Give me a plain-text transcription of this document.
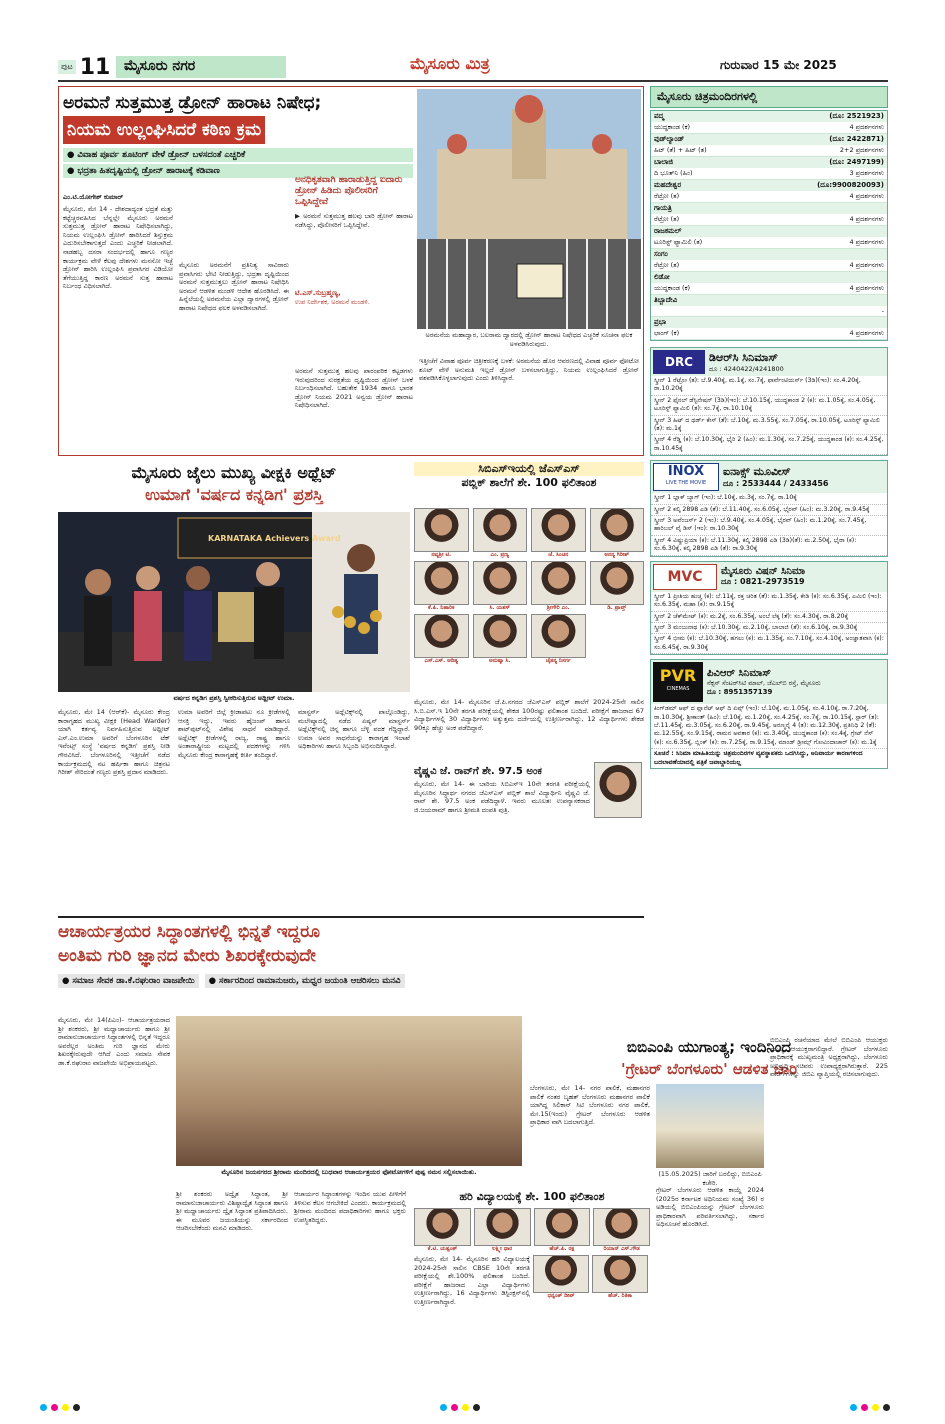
ಪುಟ 11 ಮೈಸೂರು ನಗರ	ಮೈಸೂರು ಮಿತ್ರ	ಗುರುವಾರ 15 ಮೇ 2025
ಅರಮನೆ ಸುತ್ತಮುತ್ತ ಡ್ರೋನ್ ಹಾರಾಟ ನಿಷೇಧ;
ನಿಯಮ ಉಲ್ಲಂಘಿಸಿದರೆ ಕಠಿಣ ಕ್ರಮ
● ವಿವಾಹ ಪೂರ್ವ ಶೂಟಿಂಗ್ ವೇಳೆ ಡ್ರೋನ್ ಬಳಸದಂತೆ ಎಚ್ಚರಿಕೆ
● ಭದ್ರತಾ ಹಿತದೃಷ್ಟಿಯಲ್ಲಿ ಡ್ರೋನ್ ಹಾರಾಟಕ್ಕೆ ಕಡಿವಾಣ
ಅರಮನೆಯ ಮಹಾದ್ವಾರ, ಬಲರಾಮ ದ್ವಾರದಲ್ಲಿ ಡ್ರೋನ್ ಹಾರಾಟ ನಿಷೇಧದ ಎಚ್ಚರಿಕೆ ಸೂಚನಾ ಫಲಕ ಅಳವಡಿಸಿರುವುದು.
ಎಂ.ಟಿ.ಯೋಗೇಶ್ ಕುಮಾರ್
ಮೈಸೂರು, ಮೇ 14 - ದೇಶದಾದ್ಯಂತ ಭದ್ರತೆ ಮತ್ತು ಕಟ್ಟೆಚ್ಚರವಹಿಸಿದ ಬೆನ್ನಲ್ಲೇ ಮೈಸೂರು ಅರಮನೆ ಸುತ್ತಮುತ್ತ ಡ್ರೋನ್ ಹಾರಾಟ ನಿಷೇಧಿಸಲಾಗಿದ್ದು, ನಿಯಮ ಉಲ್ಲಂಘಿಸಿ ಡ್ರೋನ್ ಹಾರಿಸಿದರೆ ಶಿಸ್ತುಕ್ರಮ ಎದುರಿಸಬೇಕಾಗುತ್ತದೆ ಎಂದು ಎಚ್ಚರಿಕೆ ನೀಡಲಾಗಿದೆ. ನಾಡಹಬ್ಬ ದಸರಾ ಸಂದರ್ಭದಲ್ಲಿ ಹಾಗೂ ಗಣ್ಯರ ಕಾರ್ಯಕ್ರಮ ವೇಳೆ ಕೆಲವು ದೇಶಗಳು ಮನಸೋ ಇಚ್ಛೆ ಡ್ರೋನ್ ಹಾರಿಸಿ ಉಲ್ಲಂಘಿಸಿ ಪ್ರವಾಸಿಗರ ವಿಡಿಯೋ ತೆಗೆಯುತ್ತಿದ್ದ ಕಾರಣ ಅರಮನೆ ಸುತ್ತ ಹಾರಾಟ ನಿರ್ಬಂಧ ವಿಧಿಸಲಾಗಿದೆ.
ಮೈಸೂರು ಅರಮನೆಗೆ ಪ್ರತಿನಿತ್ಯ ಸಾವಿರಾರು ಪ್ರವಾಸಿಗರು ಭೇಟಿ ನೀಡುತ್ತಿದ್ದು, ಭದ್ರತಾ ದೃಷ್ಟಿಯಿಂದ ಅರಮನೆ ಸುತ್ತಮುತ್ತಲು ಡ್ರೋನ್ ಹಾರಾಟ ನಿಷೇಧಿಸಿ ಅರಮನೆ ಆಡಳಿತ ಮಂಡಳಿ ಆದೇಶ ಹೊರಡಿಸಿದೆ. ಈ ಹಿನ್ನೆಲೆಯಲ್ಲಿ ಅರಮನೆಯ ಎಲ್ಲಾ ದ್ವಾರಗಳಲ್ಲಿ ಡ್ರೋನ್ ಹಾರಾಟ ನಿಷೇಧದ ಫಲಕ ಅಳವಡಿಸಲಾಗಿದೆ.
ಅನಧಿಕೃತವಾಗಿ ಹಾರಾಡುತ್ತಿದ್ದ ಐದಾರು ಡ್ರೋನ್ ಹಿಡಿದು ಪೊಲೀಸರಿಗೆ ಒಪ್ಪಿಸಿದ್ದೇವೆ
▶ ಅರಮನೆ ಸುತ್ತಮುತ್ತ ಹಲವು ಬಾರಿ ಡ್ರೋನ್ ಹಾರಾಟ ನಡೆಸಿದ್ದು, ಪೊಲೀಸರಿಗೆ ಒಪ್ಪಿಸಿದ್ದೇವೆ.
ಟಿ.ಎಸ್.ಸುಬ್ರಹ್ಮಣ್ಯ,
ಉಪ ನಿರ್ದೇಶಕ, ಅರಮನೆ ಮಂಡಳಿ.
ಅರಮನೆ ಸುತ್ತಮುತ್ತ ಹಲವು ಪಾರಂಪರಿಕ ಕಟ್ಟಡಗಳು ಇರುವುದರಿಂದ ಸುರಕ್ಷತೆಯ ದೃಷ್ಟಿಯಿಂದ ಡ್ರೋನ್ ಬಳಕೆ ನಿರ್ಬಂಧಿಸಲಾಗಿದೆ. ಬಹುತೇಕ 1934 ಹಾಗೂ ಭಾರತ ಡ್ರೋನ್ ನಿಯಮ 2021 ಅನ್ವಯ ಡ್ರೋನ್ ಹಾರಾಟ ನಿಷೇಧಿಸಲಾಗಿದೆ.
ಇತ್ತೀಚೆಗೆ ವಿವಾಹ ಪೂರ್ವ ಚಿತ್ರೀಕರಣಕ್ಕೆ ಬಳಕೆ: ಅರಮನೆಯ ಹೊರ ಆವರಣದಲ್ಲಿ ವಿವಾಹ ಪೂರ್ವ ಫೋಟೋ ಶೂಟ್ ವೇಳೆ ಅನುಮತಿ ಇಲ್ಲದೆ ಡ್ರೋನ್ ಬಳಸಲಾಗುತ್ತಿದ್ದು, ನಿಯಮ ಉಲ್ಲಂಘಿಸಿದರೆ ಡ್ರೋನ್ ವಶಪಡಿಸಿಕೊಳ್ಳಲಾಗುವುದು ಎಂದು ತಿಳಿಸಿದ್ದಾರೆ.
ಮೈಸೂರು ಚಿತ್ರಮಂದಿರಗಳಲ್ಲಿ
ಪದ್ಮ	(ದೂ: 2521923)
ಯುದ್ಧಕಾಂಡ (ಕ)	4 ಪ್ರದರ್ಶನಗಳು
ವುಡ್‌ಲ್ಯಾಂಡ್	(ದೂ: 2422871)
ಹಿಟ್ (ತೆ) + ಹಿಟ್ (ತ)	2+2 ಪ್ರದರ್ಶನಗಳು
ಬಾಲಾಜಿ	(ದೂ: 2497199)
ದಿ ಭೂತ್‌ನಿ (ಹಿಂ)	3 ಪ್ರದರ್ಶನಗಳು
ಮಹದೇಶ್ವರ	(ದೂ:9900820093)
ರೆಟ್ರೋ (ತ)	4 ಪ್ರದರ್ಶನಗಳು
ಗಾಯತ್ರಿ
ರೆಟ್ರೋ (ತ)	4 ಪ್ರದರ್ಶನಗಳು
ರಾಜಕಮಲ್
ಟೂರಿಸ್ಟ್ ಫ್ಯಾಮಿಲಿ (ತ)	4 ಪ್ರದರ್ಶನಗಳು
ಸಂಗಂ
ರೆಟ್ರೋ (ತ)	4 ಪ್ರದರ್ಶನಗಳು
ಲಿಡೋ
ಯುದ್ಧಕಾಂಡ (ಕ)	4 ಪ್ರದರ್ಶನಗಳು
ತಿಬ್ಬಾದೇವಿ
-
ಪ್ರಭಾ
ಛಾಂಗ್ (ಕ)	4 ಪ್ರದರ್ಶನಗಳು
DRC	ಡಿಆರ್‌ಸಿ ಸಿನಿಮಾಸ್
ದೂ : 4240422/4241800
ಸ್ಕ್ರೀನ್ 1 ರೆಟ್ರೋ (ತ): ಬೆ.9.40ಕ್ಕೆ, ಮ.1ಕ್ಕೆ, ಸಂ.7ಕ್ಕೆ, ಫಾರ್ವೆಂಟಿಯರ್ಸ್ (3ಡಿ)(ಇಂ): ಸಂ.4.20ಕ್ಕೆ, ರಾ.10.20ಕ್ಕೆ
ಸ್ಕ್ರೀನ್ 2 ಫೈನಲ್ ಡೆಸ್ಟಿನೇಷನ್ (3ಡಿ)(ಇಂ): ಬೆ.10.15ಕ್ಕೆ, ಯುದ್ಧಕಾಂಡ 2 (ಕ): ಮ.1.05ಕ್ಕೆ, ಸಂ.4.05ಕ್ಕೆ, ಟೂರಿಸ್ಟ್ ಫ್ಯಾಮಿಲಿ (ತ): ಸಂ.7ಕ್ಕೆ, ರಾ.10.10ಕ್ಕೆ
ಸ್ಕ್ರೀನ್ 3 ಹಿಟ್ ದ ಥರ್ಡ್ ಕೇಸ್ (ತೆ): ಬೆ.10ಕ್ಕೆ, ಮ.3.55ಕ್ಕೆ, ಸಂ.7.05ಕ್ಕೆ, ರಾ.10.05ಕ್ಕೆ, ಟೂರಿಸ್ಟ್ ಫ್ಯಾಮಿಲಿ (ತ): ಮ.1ಕ್ಕೆ
ಸ್ಕ್ರೀನ್ 4 ರೆಡ್ಡಿ (ಕ): ಬೆ.10.30ಕ್ಕೆ, ಭೈರಿ 2 (ಹಿಂ): ಮ.1.30ಕ್ಕೆ, ಸಂ.7.25ಕ್ಕೆ, ಯುದ್ಧಕಾಂಡ (ಕ): ಸಂ.4.25ಕ್ಕೆ, ರಾ.10.45ಕ್ಕೆ
INOX
LIVE THE MOVIE
ಐನಾಕ್ಸ್ ಮೂವೀಸ್
ದೂ : 2533444 / 2433456
ಸ್ಕ್ರೀನ್ 1 ಬ್ಲಾಕ್ ಬ್ಯಾಗ್ (ಇಂ): ಬೆ.10ಕ್ಕೆ, ಮ.3ಕ್ಕೆ, ಸಂ.7ಕ್ಕೆ, ರಾ.10ಕ್ಕೆ
ಸ್ಕ್ರೀನ್ 2 ಕಲ್ಕಿ 2898 ಎಡಿ (ತೆ): ಬೆ.11.40ಕ್ಕೆ, ಸಂ.6.05ಕ್ಕೆ, ಭೈರವ್ (ಹಿಂ): ಮ.3.20ಕ್ಕೆ, ರಾ.9.45ಕ್ಕೆ
ಸ್ಕ್ರೀನ್ 3 ಅವೆಂಜರ್ಸ್ 2 (ಇಂ): ಬೆ.9.40ಕ್ಕೆ, ಸಂ.4.05ಕ್ಕೆ, ಭೈರವ್ (ಹಿಂ): ಮ.1.20ಕ್ಕೆ, ಸಂ.7.45ಕ್ಕೆ, ಹಾರಿಬಲ್ ವೈ ಡಿಸ್ (ಇಂ): ರಾ.10.30ಕ್ಕೆ
ಸ್ಕ್ರೀನ್ 4 ವಿಷ್ಣುಪ್ರಿಯಾ (ಕ): ಬೆ.11.30ಕ್ಕೆ, ಕಲ್ಕಿ 2898 ಎಡಿ (3ಡಿ)(ತೆ): ಮ.2.50ಕ್ಕೆ, ಭೈರಾ (ಕ): ಸಂ.6.30ಕ್ಕೆ, ಕಲ್ಕಿ 2898 ಎಡಿ (ತೆ): ರಾ.9.30ಕ್ಕೆ
MVC	ಮೈಸೂರು ವಿಷನ್ ಸಿನಿಮಾ
ದೂ : 0821-2973519
ಸ್ಕ್ರೀನ್ 1 ಪ್ರೀತಿಯ ಹುಚ್ಚ (ಕ): ಬೆ.11ಕ್ಕೆ, ರಕ್ತ ಚರಿತ (ತೆ): ಮ.1.35ಕ್ಕೆ, ಕೇಡಿ (ಕ): ಸಂ.6.35ಕ್ಕೆ, ಎಮಿಲಿ (ಇಂ): ಸಂ.6.35ಕ್ಕೆ, ಮಹಾ (ಕ): ರಾ.9.15ಕ್ಕೆ
ಸ್ಕ್ರೀನ್ 2 ಚೆಕ್‌ಮೇಟ್ (ಕ): ಮ.2ಕ್ಕೆ, ಸಂ.6.35ಕ್ಕೆ, ಅಂಬೆ ಲೆಕ್ಕ (ತೆ): ಸಂ.4.30ಕ್ಕೆ, ರಾ.8.20ಕ್ಕೆ
ಸ್ಕ್ರೀನ್ 3 ಮಂಜುನಾಥ (ಕ): ಬೆ.10.30ಕ್ಕೆ, ಮ.2.10ಕ್ಕೆ, ಬಾಲಾಜಿ (ತೆ): ಸಂ.6.10ಕ್ಕೆ, ರಾ.9.30ಕ್ಕೆ
ಸ್ಕ್ರೀನ್ 4 ಭೀಮ (ಕ): ಬೆ.10.30ಕ್ಕೆ, ಹಗಲು (ಕ): ಮ.1.35ಕ್ಕೆ, ಸಂ.7.10ಕ್ಕೆ, ಸಂ.4.10ಕ್ಕೆ, ಅಂಜ್ಞಾತವಾಸಿ (ಕ): ಸಂ.6.45ಕ್ಕೆ, ರಾ.9.30ಕ್ಕೆ
PVR
CINEMAS
ಪಿವಿಆರ್ ಸಿನಿಮಾಸ್
ನೆಕ್ಸಸ್ ಸೆಂಟರ್‌ಸಿಟಿ ಮಾಲ್, ಜೆಎಲ್‌ಬಿ ರಸ್ತೆ, ಮೈಸೂರು
ದೂ : 8951357139
ಕಿಂಗ್‌ಡಮ್ ಆಫ್ ದ ಪ್ಲಾನೆಟ್ ಆಫ್ ದಿ ಏಪ್ಸ್ (ಇಂ): ಬೆ.10ಕ್ಕೆ, ಮ.1.05ಕ್ಕೆ, ಸಂ.4.10ಕ್ಕೆ, ರಾ.7.20ಕ್ಕೆ, ರಾ.10.30ಕ್ಕೆ, ಶ್ರೀಕಾಂತ್ (ಹಿಂ): ಬೆ.10ಕ್ಕೆ, ಮ.1.20ಕ್ಕೆ, ಸಂ.4.25ಕ್ಕೆ, ಸಂ.7ಕ್ಕೆ, ರಾ.10.15ಕ್ಕೆ, ಸ್ಟಾರ್ (ತ): ಬೆ.11.45ಕ್ಕೆ, ಮ.3.05ಕ್ಕೆ, ಸಂ.6.20ಕ್ಕೆ, ರಾ.9.45ಕ್ಕೆ, ಅರಣ್ಮನೈ 4 (ತ): ಮ.12.30ಕ್ಕೆ, ಪ್ರತಿನಿಧಿ 2 (ತೆ): ಮ.12.55ಕ್ಕೆ, ಸಂ.9.15ಕ್ಕೆ, ರಾಮನ ಅವತಾರ (ಕ): ಮ.3.40ಕ್ಕೆ, ಯುದ್ಧಕಾಂಡ (ಕ): ಸಂ.4ಕ್ಕೆ, ಗ್ರೇಟ್ ನೆಸ್ (ಕ): ಸಂ.6.35ಕ್ಕೆ, ಬ್ಲಿಂಕ್ (ಕ): ರಾ.7.25ಕ್ಕೆ, ರಾ.9.15ಕ್ಕೆ, ಮಾಂಡ್ ಡ್ರೀಮ್ಸ್ ಗೋವಿಂದಾಚಾರ್ (ಕ): ಮ.1ಕ್ಕೆ
ಸೂಚನೆ : ಸಿನಿಮಾ ಮಾಹಿತಿಯನ್ನು ಚಿತ್ರಮಂದಿರಗಳ ವ್ಯವಸ್ಥಾಪಕರು ಒದಗಿಸಿದ್ದು, ಅನಿವಾರ್ಯ ಕಾರಣಗಳಿಂದ ಬದಲಾವಣೆಯಾದಲ್ಲಿ ಪತ್ರಿಕೆ ಜವಾಬ್ದಾರಿಯಲ್ಲ
ಮೈಸೂರು ಜೈಲು ಮುಖ್ಯ ವೀಕ್ಷಕಿ ಅಥ್ಲೆಟ್
ಉಮಾಗೆ 'ವರ್ಷದ ಕನ್ನಡಿಗ' ಪ್ರಶಸ್ತಿ
KARNATAKA Achievers Award
ವರ್ಷದ ಕನ್ನಡಿಗ ಪ್ರಶಸ್ತಿ ಸ್ವೀಕರಿಸುತ್ತಿರುವ ಅಥ್ಲೀಟ್ ಉಮಾ.
ಮೈಸೂರು, ಮೇ 14 (ಆರ್‌ಕೆ)- ಮೈಸೂರು ಕೇಂದ್ರ ಕಾರಾಗೃಹದ ಮುಖ್ಯ ವೀಕ್ಷಕಿ (Head Warder) ಯಾಗಿ ಕರ್ತವ್ಯ ನಿರ್ವಹಿಸುತ್ತಿರುವ ಅಥ್ಲೀಟ್ ಎಸ್.ಎಂ.ಉಮಾ ಅವರಿಗೆ ಬೆಂಗಳೂರಿನ ಟೆಕ್ ಇವೆಂಟ್ಸ್ ಸಂಸ್ಥೆ 'ವರ್ಷದ ಕನ್ನಡಿಗ' ಪ್ರಶಸ್ತಿ ನೀಡಿ ಗೌರವಿಸಿದೆ. ಬೆಂಗಳೂರಿನಲ್ಲಿ ಇತ್ತೀಚೆಗೆ ನಡೆದ ಕಾರ್ಯಕ್ರಮದಲ್ಲಿ ನಟ ಹರ್ಷಿಕಾ ಹಾಗೂ ಚಿತ್ರನಟ ಗಿರೀಶ್ ಸೇರಿದಂತೆ ಗಣ್ಯರು ಪ್ರಶಸ್ತಿ ಪ್ರದಾನ ಮಾಡಿದರು.
ಉಮಾ ಅವರಿಗೆ ಜಿಲ್ಲೆ ಕ್ರೀಡಾಪಟು ನೂ ಕ್ರೀಡೆಗಳಲ್ಲಿ ಆಸಕ್ತಿ ಇದ್ದು, ಇವರು ಹೈಜಂಪ್ ಹಾಗೂ ಶಾಟ್‌ಪುಟ್‌ನಲ್ಲಿ ವಿಶೇಷ ಸಾಧನೆ ಮಾಡಿದ್ದಾರೆ. ಅಥ್ಲೆಟಿಕ್ಸ್ ಕ್ರೀಡೆಗಳಲ್ಲಿ ರಾಜ್ಯ, ರಾಷ್ಟ್ರ ಹಾಗೂ ಅಂತಾರಾಷ್ಟ್ರೀಯ ಮಟ್ಟದಲ್ಲಿ ಪದಕಗಳನ್ನು ಗಳಿಸಿ ಮೈಸೂರು ಕೇಂದ್ರ ಕಾರಾಗೃಹಕ್ಕೆ ಕೀರ್ತಿ ತಂದಿದ್ದಾರೆ.
ಮಾಸ್ಟರ್ಸ್ ಅಥ್ಲೆಟಿಕ್ಸ್‌ನಲ್ಲಿ ಪಾಲ್ಗೊಂಡಿದ್ದು, ಮಲೇಷ್ಯಾದಲ್ಲಿ ನಡೆದ ಏಷ್ಯನ್ ಮಾಸ್ಟರ್ಸ್ ಅಥ್ಲೆಟಿಕ್ಸ್‌ನಲ್ಲಿ ಚಿನ್ನ ಹಾಗೂ ಬೆಳ್ಳಿ ಪದಕ ಗೆದ್ದಿದ್ದಾರೆ. ಉಮಾ ಅವರ ಸಾಧನೆಯನ್ನು ಕಾರಾಗೃಹ ಇಲಾಖೆ ಅಧಿಕಾರಿಗಳು ಹಾಗೂ ಸಿಬ್ಬಂದಿ ಅಭಿನಂದಿಸಿದ್ದಾರೆ.
ಸಿಬಿಎಸ್‌ಇಯಲ್ಲಿ ಜೆಎಸ್‌ಎಸ್
ಪಬ್ಲಿಕ್ ಶಾಲೆಗೆ ಶೇ. 100 ಫಲಿತಾಂಶ
ನವ್ಯಶ್ರೀ ಟಿ.	ಎಂ. ಪ್ರಣ್ಯ	ಜೆ. ಸಿಂಚನ	ಅನನ್ಯ ಗಿರೀಶ್
ಕೆ.ಪಿ. ನಿಹಾರಿಕ	ಸಿ. ಯಶಸ್	ಶ್ರೀಗೌರಿ ಎಂ.	ಡಿ. ಪ್ರಾಪ್ತ್
ಎಸ್.ಎಸ್. ಆದಿತ್ಯ	ಅನುಷ್ಕಾ ಸಿ.	ಚೈತನ್ಯ ನಿಸರ್ಗ
ಮೈಸೂರು, ಮೇ 14- ಮೈಸೂರಿನ ಜೆ.ಪಿ.ನಗರದ ಜೆಎಸ್‌ಎಸ್ ಪಬ್ಲಿಕ್ ಶಾಲೆಗೆ 2024-25ನೇ ಸಾಲಿನ ಸಿ.ಬಿ.ಎಸ್.ಇ 10ನೇ ತರಗತಿ ಪರೀಕ್ಷೆಯಲ್ಲಿ ಶೇಕಡ 100ರಷ್ಟು ಫಲಿತಾಂಶ ಬಂದಿದೆ. ಪರೀಕ್ಷೆಗೆ ಹಾಜರಾದ 67 ವಿದ್ಯಾರ್ಥಿಗಳಲ್ಲಿ 30 ವಿದ್ಯಾರ್ಥಿಗಳು ಅತ್ಯುತ್ತಮ ದರ್ಜೆಯಲ್ಲಿ ಉತ್ತೀರ್ಣರಾಗಿದ್ದು, 12 ವಿದ್ಯಾರ್ಥಿಗಳು ಶೇಕಡ 90ಕ್ಕೂ ಹೆಚ್ಚು ಅಂಕ ಪಡೆದಿದ್ದಾರೆ.
ವೈಷ್ಣವಿ ಜೆ. ರಾವ್‌ಗೆ ಶೇ. 97.5 ಅಂಕ
ಮೈಸೂರು, ಮೇ 14- ಈ ಬಾರಿಯ ಸಿಬಿಎಸ್‌ಇ 10ನೇ ತರಗತಿ ಪರೀಕ್ಷೆಯಲ್ಲಿ ಮೈಸೂರಿನ ಸಿದ್ಧಾರ್ಥ ನಗರದ ಜೆಎಸ್‌ಎಸ್ ಪಬ್ಲಿಕ್ ಶಾಲೆ ವಿದ್ಯಾರ್ಥಿನಿ ವೈಷ್ಣವಿ ಜೆ. ರಾವ್ ಶೇ. 97.5 ಅಂಕ ಪಡೆದಿದ್ದಾಳೆ. ಇವರು ಮೂಲತಃ ಉಪನ್ಯಾಸಕರಾದ ಜಿ.ಜಯರಾಮ್ ಹಾಗೂ ಶ್ರೀಮತಿ ದಂಪತಿ ಪುತ್ರಿ.
ಆಚಾರ್ಯತ್ರಯರ ಸಿದ್ಧಾಂತಗಳಲ್ಲಿ ಭಿನ್ನತೆ ಇದ್ದರೂ
ಅಂತಿಮ ಗುರಿ ಜ್ಞಾನದ ಮೇರು ಶಿಖರಕ್ಕೇರುವುದೇ
● ಸಮಾಜ ಸೇವಕ ಡಾ.ಕೆ.ರಘುರಾಂ ವಾಜಪೇಯಿ	● ಸರ್ಕಾರದಿಂದ ರಾಮಾನುಜರು, ಮಧ್ವರ ಜಯಂತಿ ಆಚರಿಸಲು ಮನವಿ
ಮೈಸೂರು, ಮೇ 14(ಪಿಎಂ)- ಆಚಾರ್ಯತ್ರಯರಾದ ಶ್ರೀ ಶಂಕರರು, ಶ್ರೀ ಮಧ್ವಾಚಾರ್ಯರು ಹಾಗೂ ಶ್ರೀ ರಾಮಾನುಜಾಚಾರ್ಯರ ಸಿದ್ಧಾಂತಗಳಲ್ಲಿ ಭಿನ್ನತೆ ಇದ್ದರೂ ಅವರೆಲ್ಲರ ಅಂತಿಮ ಗುರಿ ಜ್ಞಾನದ ಮೇರು ಶಿಖರಕ್ಕೇರುವುದೇ ಆಗಿದೆ ಎಂದು ಸಮಾಜ ಸೇವಕ ಡಾ.ಕೆ.ರಘುರಾಂ ವಾಜಪೇಯಿ ಅಭಿಪ್ರಾಯಪಟ್ಟರು.
ಮೈಸೂರಿನ ಜಯನಗರದ ಶ್ರೀರಾಮ ಮಂದಿರದಲ್ಲಿ ಬುಧವಾರ ಆಚಾರ್ಯತ್ರಯರ ಫೋಟೋಗಳಿಗೆ ಪುಷ್ಪ ನಮನ ಸಲ್ಲಿಸಲಾಯಿತು.
ಶ್ರೀ ಶಂಕರರು ಅದ್ವೈತ ಸಿದ್ಧಾಂತ, ಶ್ರೀ ರಾಮಾನುಜಾಚಾರ್ಯರು ವಿಶಿಷ್ಟಾದ್ವೈತ ಸಿದ್ಧಾಂತ ಹಾಗೂ ಶ್ರೀ ಮಧ್ವಾಚಾರ್ಯರು ದ್ವೈತ ಸಿದ್ಧಾಂತ ಪ್ರತಿಪಾದಿಸಿದರು. ಈ ಮೂವರ ಜಯಂತಿಯನ್ನು ಸರ್ಕಾರದಿಂದ ಆಚರಿಸಬೇಕೆಂದು ಮನವಿ ಮಾಡಿದರು.
ಆಚಾರ್ಯರ ಸಿದ್ಧಾಂತಗಳನ್ನು ಇಂದಿನ ಯುವ ಪೀಳಿಗೆಗೆ ತಿಳಿಸುವ ಕೆಲಸ ಆಗಬೇಕಿದೆ ಎಂದರು. ಕಾರ್ಯಕ್ರಮದಲ್ಲಿ ಶ್ರೀರಾಮ ಮಂದಿರದ ಪದಾಧಿಕಾರಿಗಳು ಹಾಗೂ ಭಕ್ತರು ಉಪಸ್ಥಿತರಿದ್ದರು.
ಹರಿ ವಿದ್ಯಾಲಯಕ್ಕೆ ಶೇ. 100 ಫಲಿತಾಂಶ
ಕೆ.ಟಿ. ಯಶ್ವಂತ್	ಲಕ್ಷ್ಮೀ ಧಾರ	ಹೆಚ್.ಪಿ. ರಕ್ಷ	ರಿಯಾನ್ ಎಸ್.ಗೌಡ
ಮೈಸೂರು, ಮೇ 14- ಮೈಸೂರಿನ ಹರಿ ವಿದ್ಯಾಲಯಕ್ಕೆ 2024-25ನೇ ಸಾಲಿನ CBSE 10ನೇ ತರಗತಿ ಪರೀಕ್ಷೆಯಲ್ಲಿ ಶೇ.100% ಫಲಿತಾಂಶ ಬಂದಿದೆ. ಪರೀಕ್ಷೆಗೆ ಹಾಜರಾದ ಎಲ್ಲಾ ವಿದ್ಯಾರ್ಥಿಗಳು ಉತ್ತೀರ್ಣರಾಗಿದ್ದು, 16 ವಿದ್ಯಾರ್ಥಿಗಳು ಡಿಸ್ಟಿಂಕ್ಷನ್‌ನಲ್ಲಿ ಉತ್ತೀರ್ಣರಾಗಿದ್ದಾರೆ.
ಧನ್ವಂತ್ ದೀಪ್	ಹೆಚ್. ರಿತಿಕಾ
ಬಿಬಿಎಂಪಿ ಯುಗಾಂತ್ಯ; ಇಂದಿನಿಂದ
'ಗ್ರೇಟರ್ ಬೆಂಗಳೂರು' ಆಡಳಿತ ಜಾರಿ
ಬೆಂಗಳೂರು, ಮೇ 14- ನಗರ ಪಾಲಿಕೆ, ಮಹಾನಗರ ಪಾಲಿಕೆ ನಂತರ ಬೃಹತ್ ಬೆಂಗಳೂರು ಮಹಾನಗರ ಪಾಲಿಕೆ ಯಾಗಿದ್ದ ಸಿಲಿಕಾನ್ ಸಿಟಿ ಬೆಂಗಳೂರು ನಗರ ಪಾಲಿಕೆ, ಮೇ.15(ಇಂದು) ಗ್ರೇಟರ್ ಬೆಂಗಳೂರು ಆಡಳಿತ ಪ್ರಾಧಿಕಾರ ವಾಗಿ ಬದಲಾಗುತ್ತಿದೆ.
(15.05.2025) ಜಾರಿಗೆ ಬರಲಿದ್ದು, ಬಿಬಿಎಂಪಿ ಕಚೇರಿ.
ಗ್ರೇಟರ್ ಬೆಂಗಳೂರು ಆಡಳಿತ ಕಾಯ್ದೆ 2024 (2025ರ ಕರ್ನಾಟಕ ಅಧಿನಿಯಮ ಸಂಖ್ಯೆ 36) ರ ಅಡಿಯಲ್ಲಿ ಬಿಬಿಎಂಪಿಯನ್ನು ಗ್ರೇಟರ್ ಬೆಂಗಳೂರು ಪ್ರಾಧಿಕಾರವಾಗಿ ಪರಿವರ್ತಿಸಲಾಗಿದ್ದು, ಸರ್ಕಾರ ಅಧಿಸೂಚನೆ ಹೊರಡಿಸಿದೆ.
ಬಿಬಿಎಂಪಿ ರಚನೆಯಾದ ಮೇಲೆ ಬಿಬಿಎಂಪಿ ಆಯುಕ್ತರು ಮುಖ್ಯ ಆಯುಕ್ತರಾಗಲಿದ್ದಾರೆ. ಗ್ರೇಟರ್ ಬೆಂಗಳೂರು ಪ್ರಾಧಿಕಾರಕ್ಕೆ ಮುಖ್ಯಮಂತ್ರಿ ಅಧ್ಯಕ್ಷರಾಗಿದ್ದು, ಬೆಂಗಳೂರು ಅಭಿವೃದ್ಧಿ ಸಚಿವರು ಉಪಾಧ್ಯಕ್ಷರಾಗಿರುತ್ತಾರೆ. 225 ವಾರ್ಡ್‌ಗಳನ್ನು ಜಿಬಿಎ ವ್ಯಾಪ್ತಿಯಲ್ಲಿ ರಚಿಸಲಾಗುವುದು.
